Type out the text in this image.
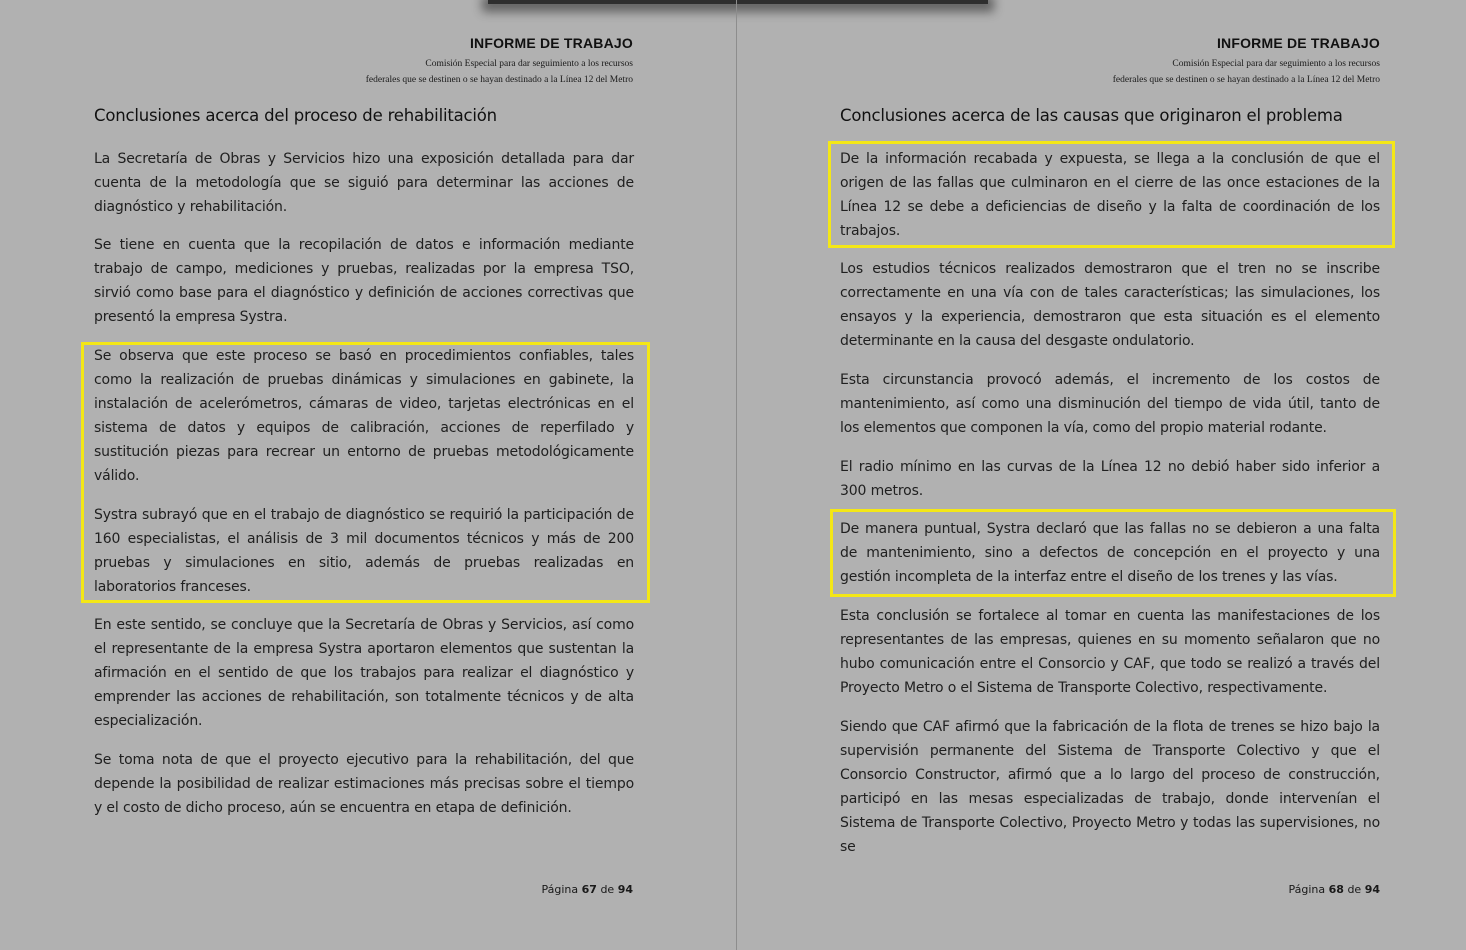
INFORME DE TRABAJO
Comisión Especial para dar seguimiento a los recursos
federales que se destinen o se hayan destinado a la Línea 12 del Metro
Conclusiones acerca del proceso de rehabilitación

La Secretaría de Obras y Servicios hizo una exposición detallada para dar cuenta de la metodología que se siguió para determinar las acciones de diagnóstico y rehabilitación.

Se tiene en cuenta que la recopilación de datos e información mediante trabajo de campo, mediciones y pruebas, realizadas por la empresa TSO, sirvió como base para el diagnóstico y definición de acciones correctivas que presentó la empresa Systra.

Se observa que este proceso se basó en procedimientos confiables, tales como la realización de pruebas dinámicas y simulaciones en gabinete, la instalación de acelerómetros, cámaras de video, tarjetas electrónicas en el sistema de datos y equipos de calibración, acciones de reperfilado y sustitución piezas para recrear un entorno de pruebas metodológicamente válido.

Systra subrayó que en el trabajo de diagnóstico se requirió la participación de 160 especialistas, el análisis de 3 mil documentos técnicos y más de 200 pruebas y simulaciones en sitio, además de pruebas realizadas en laboratorios franceses.

En este sentido, se concluye que la Secretaría de Obras y Servicios, así como el representante de la empresa Systra aportaron elementos que sustentan la afirmación en el sentido de que los trabajos para realizar el diagnóstico y emprender las acciones de rehabilitación, son totalmente técnicos y de alta especialización.

Se toma nota de que el proyecto ejecutivo para la rehabilitación, del que depende la posibilidad de realizar estimaciones más precisas sobre el tiempo y el costo de dicho proceso, aún se encuentra en etapa de definición.

Página 67 de 94
INFORME DE TRABAJO
Comisión Especial para dar seguimiento a los recursos
federales que se destinen o se hayan destinado a la Línea 12 del Metro
Conclusiones acerca de las causas que originaron el problema

De la información recabada y expuesta, se llega a la conclusión de que el origen de las fallas que culminaron en el cierre de las once estaciones de la Línea 12 se debe a deficiencias de diseño y la falta de coordinación de los trabajos.

Los estudios técnicos realizados demostraron que el tren no se inscribe correctamente en una vía con de tales características; las simulaciones, los ensayos y la experiencia, demostraron que esta situación es el elemento determinante en la causa del desgaste ondulatorio.

Esta circunstancia provocó además, el incremento de los costos de mantenimiento, así como una disminución del tiempo de vida útil, tanto de los elementos que componen la vía, como del propio material rodante.

El radio mínimo en las curvas de la Línea 12 no debió haber sido inferior a 300 metros.

De manera puntual, Systra declaró que las fallas no se debieron a una falta de mantenimiento, sino a defectos de concepción en el proyecto y una gestión incompleta de la interfaz entre el diseño de los trenes y las vías.

Esta conclusión se fortalece al tomar en cuenta las manifestaciones de los representantes de las empresas, quienes en su momento señalaron que no hubo comunicación entre el Consorcio y CAF, que todo se realizó a través del Proyecto Metro o el Sistema de Transporte Colectivo, respectivamente.

Siendo que CAF afirmó que la fabricación de la flota de trenes se hizo bajo la supervisión permanente del Sistema de Transporte Colectivo y que el Consorcio Constructor, afirmó que a lo largo del proceso de construcción, participó en las mesas especializadas de trabajo, donde intervenían el Sistema de Transporte Colectivo, Proyecto Metro y todas las supervisiones, no se

Página 68 de 94
